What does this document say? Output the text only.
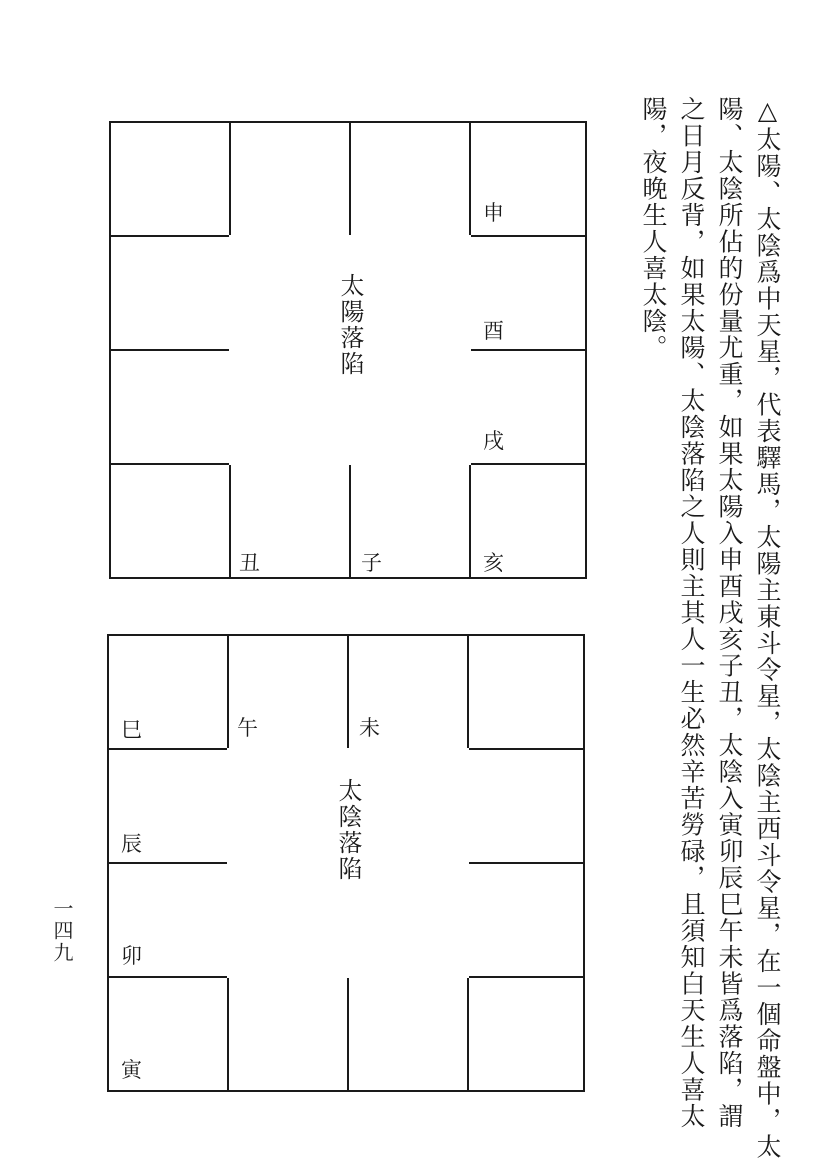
△太陽、太陰爲中天星，代表驛馬，太陽主東斗令星，太陰主西斗令星，在一個命盤中，太
陽、太陰所佔的份量尤重，如果太陽入申酉戌亥子丑，太陰入寅卯辰巳午未皆爲落陷，謂
之日月反背，如果太陽、太陰落陷之人則主其人一生必然辛苦勞碌，且須知白天生人喜太
陽，夜晚生人喜太陰。
申
酉
戌
丑	子	亥
太陽落陷
巳	午	未
辰
卯
寅
太陰落陷
一四九
